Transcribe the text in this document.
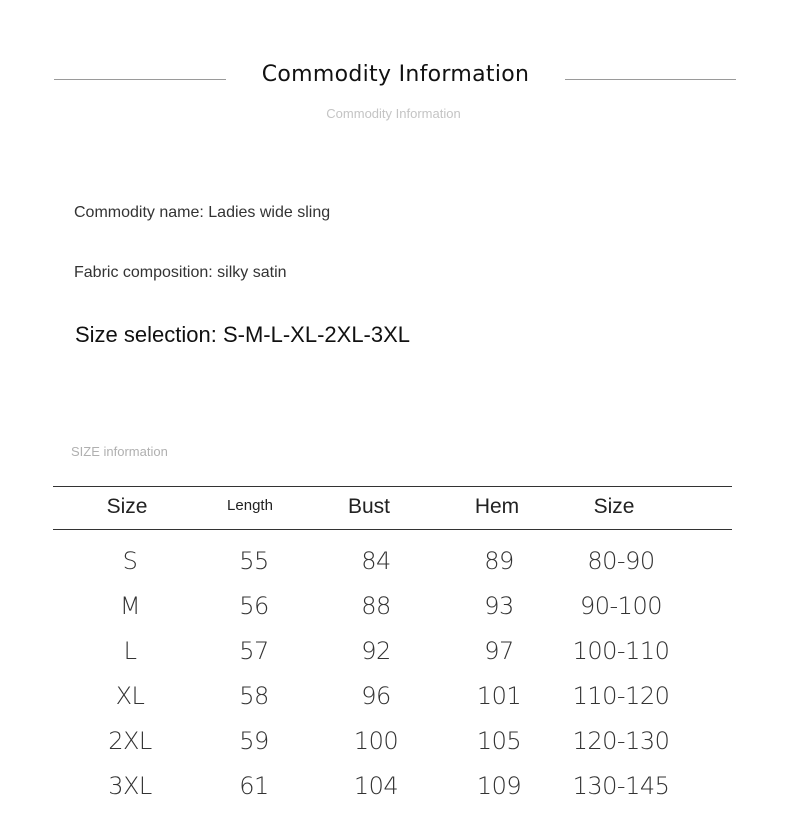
Commodity Information
Commodity Information
Commodity name: Ladies wide sling
Fabric composition: silky satin
Size selection: S-M-L-XL-2XL-3XL
SIZE information
Size	Length	Bust	Hem	Size
S	55	84	89	80-90
M	56	88	93	90-100
L	57	92	97	100-110
XL	58	96	101	110-120
2XL	59	100	105	120-130
3XL	61	104	109	130-145
